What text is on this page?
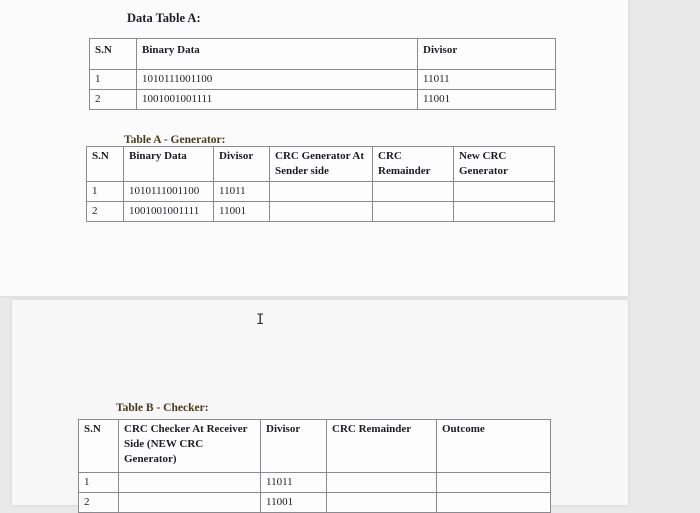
Data Table A:
S.N	Binary Data	Divisor
1	1010111001100	11011
2	1001001001111	11001
Table A - Generator:
S.N	Binary Data	Divisor	CRC Generator At Sender side	CRC Remainder	New CRC Generator
1	1010111001100	11011			
2	1001001001111	11001			
I
Table B - Checker:
S.N	CRC Checker At Receiver Side (NEW CRC Generator)	Divisor	CRC Remainder	Outcome
1		11011		
2		11001		
